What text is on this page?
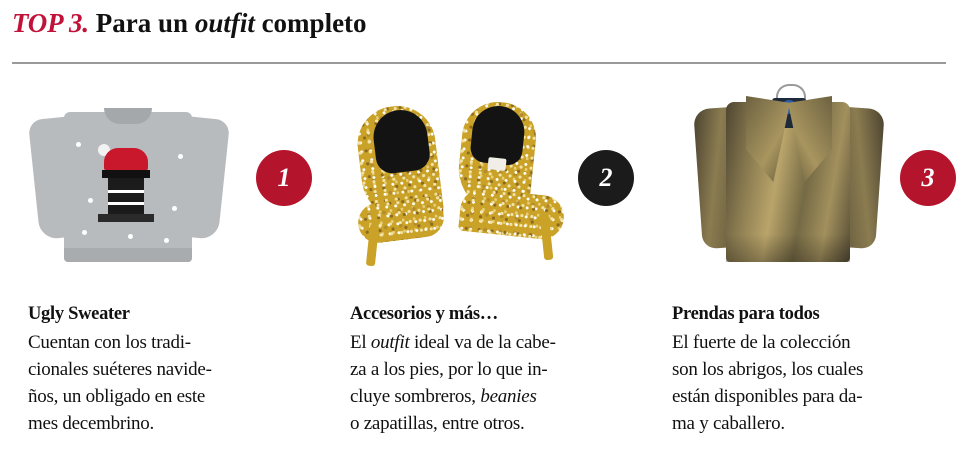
TOP 3. Para un outfit completo
1
Ugly Sweater
Cuentan con los tradi-
cionales suéteres navide-
ños, un obligado en este
mes decembrino.
2
Accesorios y más…
El outfit ideal va de la cabe-
za a los pies, por lo que in-
cluye sombreros, beanies
o zapatillas, entre otros.
3
Prendas para todos
El fuerte de la colección
son los abrigos, los cuales
están disponibles para da-
ma y caballero.
